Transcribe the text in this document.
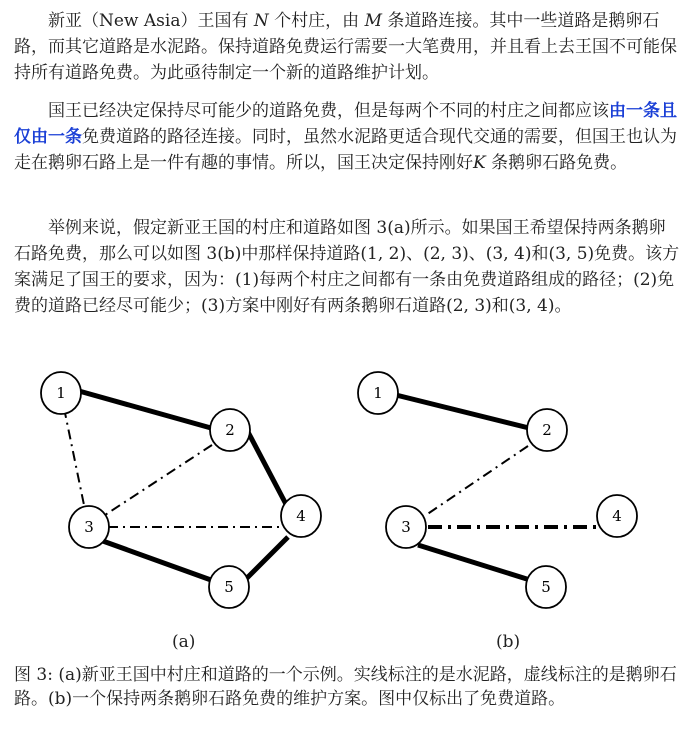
新亚（New Asia）王国有 N 个村庄，由 M 条道路连接。其中一些道路是鹅卵石路，而其它道路是水泥路。保持道路免费运行需要一大笔费用，并且看上去王国不可能保持所有道路免费。为此亟待制定一个新的道路维护计划。

国王已经决定保持尽可能少的道路免费，但是每两个不同的村庄之间都应该由一条且仅由一条免费道路的路径连接。同时，虽然水泥路更适合现代交通的需要，但国王也认为走在鹅卵石路上是一件有趣的事情。所以，国王决定保持刚好K 条鹅卵石路免费。

举例来说，假定新亚王国的村庄和道路如图 3(a)所示。如果国王希望保持两条鹅卵石路免费，那么可以如图 3(b)中那样保持道路(1, 2)、(2, 3)、(3, 4)和(3, 5)免费。该方案满足了国王的要求，因为：(1)每两个村庄之间都有一条由免费道路组成的路径；(2)免费的道路已经尽可能少；(3)方案中刚好有两条鹅卵石道路(2, 3)和(3, 4)。

1
2
3
4
5
1
2
3
4
5
(a)	(b)

图 3: (a)新亚王国中村庄和道路的一个示例。实线标注的是水泥路，虚线标注的是鹅卵石路。(b)一个保持两条鹅卵石路免费的维护方案。图中仅标出了免费道路。
